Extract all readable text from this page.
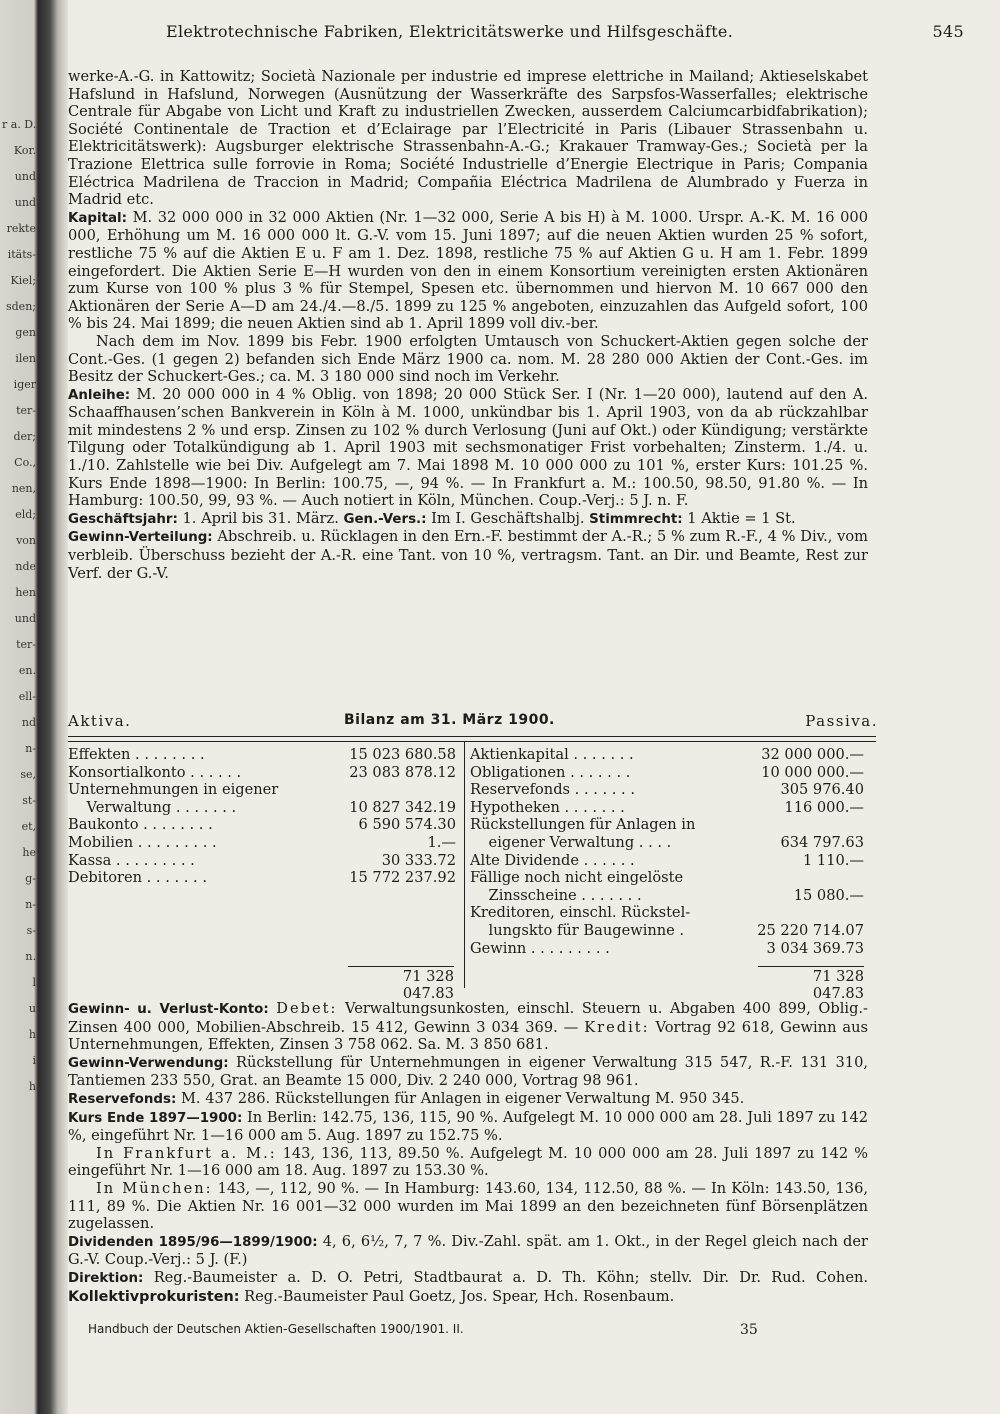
r a. D.
Kor.
und
und
rekte
itäts-
Kiel;
sden;
gen
ilen
iger
ter-
der;
Co.,
nen,
eld;
von
nde
hen
und
ter-
en.
ell-
nd
n-
se,
st-
et,
he
g-
n-
s-
n.
l
u
h
i
h
Elektrotechnische Fabriken, Elektricitätswerke und Hilfsgeschäfte.	545

werke-A.-G. in Kattowitz; Società Nazionale per industrie ed imprese elettriche in Mailand; Aktieselskabet Hafslund in Hafslund, Norwegen (Ausnützung der Wasserkräfte des Sarpsfos-Wasserfalles; elektrische Centrale für Abgabe von Licht und Kraft zu industriellen Zwecken, ausserdem Calciumcarbidfabrikation); Société Continentale de Traction et d’Eclairage par l’Electricité in Paris (Libauer Strassenbahn u. Elektricitätswerk): Augsburger elektrische Strassenbahn-A.-G.; Krakauer Tramway-Ges.; Società per la Trazione Elettrica sulle forrovie in Roma; Société Industrielle d’Energie Electrique in Paris; Compania Eléctrica Madrilena de Traccion in Madrid; Compañia Eléctrica Madrilena de Alumbrado y Fuerza in Madrid etc.

Kapital: M. 32 000 000 in 32 000 Aktien (Nr. 1—32 000, Serie A bis H) à M. 1000. Urspr. A.-K. M. 16 000 000, Erhöhung um M. 16 000 000 lt. G.-V. vom 15. Juni 1897; auf die neuen Aktien wurden 25 % sofort, restliche 75 % auf die Aktien E u. F am 1. Dez. 1898, restliche 75 % auf Aktien G u. H am 1. Febr. 1899 eingefordert. Die Aktien Serie E—H wurden von den in einem Konsortium vereinigten ersten Aktionären zum Kurse von 100 % plus 3 % für Stempel, Spesen etc. übernommen und hiervon M. 10 667 000 den Aktionären der Serie A—D am 24./4.—8./5. 1899 zu 125 % angeboten, einzuzahlen das Aufgeld sofort, 100 % bis 24. Mai 1899; die neuen Aktien sind ab 1. April 1899 voll div.-ber.

Nach dem im Nov. 1899 bis Febr. 1900 erfolgten Umtausch von Schuckert-Aktien gegen solche der Cont.-Ges. (1 gegen 2) befanden sich Ende März 1900 ca. nom. M. 28 280 000 Aktien der Cont.-Ges. im Besitz der Schuckert-Ges.; ca. M. 3 180 000 sind noch im Verkehr.

Anleihe: M. 20 000 000 in 4 % Oblig. von 1898; 20 000 Stück Ser. I (Nr. 1—20 000), lautend auf den A. Schaaffhausen’schen Bankverein in Köln à M. 1000, unkündbar bis 1. April 1903, von da ab rückzahlbar mit mindestens 2 % und ersp. Zinsen zu 102 % durch Verlosung (Juni auf Okt.) oder Kündigung; verstärkte Tilgung oder Totalkündigung ab 1. April 1903 mit sechsmonatiger Frist vorbehalten; Zinsterm. 1./4. u. 1./10. Zahlstelle wie bei Div. Aufgelegt am 7. Mai 1898 M. 10 000 000 zu 101 %, erster Kurs: 101.25 %. Kurs Ende 1898—1900: In Berlin: 100.75, —, 94 %. — In Frankfurt a. M.: 100.50, 98.50, 91.80 %. — In Hamburg: 100.50, 99, 93 %. — Auch notiert in Köln, München. Coup.-Verj.: 5 J. n. F.

Geschäftsjahr: 1. April bis 31. März. Gen.-Vers.: Im I. Geschäftshalbj. Stimmrecht: 1 Aktie = 1 St.

Gewinn-Verteilung: Abschreib. u. Rücklagen in den Ern.-F. bestimmt der A.-R.; 5 % zum R.-F., 4 % Div., vom verbleib. Überschuss bezieht der A.-R. eine Tant. von 10 %, vertragsm. Tant. an Dir. und Beamte, Rest zur Verf. der G.-V.

Aktiva.	Bilanz am 31. März 1900.	Passiva.
Effekten . . . . . . . .	15 023 680.58
Konsortialkonto . . . . . .	23 083 878.12
Unternehmungen in eigener
Verwaltung . . . . . . .	10 827 342.19
Baukonto . . . . . . . .	6 590 574.30
Mobilien . . . . . . . . .	1.—
Kassa . . . . . . . . .	30 333.72
Debitoren . . . . . . .	15 772 237.92
Aktienkapital . . . . . . .	32 000 000.—
Obligationen . . . . . . .	10 000 000.—
Reservefonds . . . . . . .	305 976.40
Hypotheken . . . . . . .	116 000.—
Rückstellungen für Anlagen in
eigener Verwaltung . . . .	634 797.63
Alte Dividende . . . . . .	1 110.—
Fällige noch nicht eingelöste
Zinsscheine . . . . . . .	15 080.—
Kreditoren, einschl. Rückstel-
lungskto für Baugewinne .	25 220 714.07
Gewinn . . . . . . . . .	3 034 369.73
71 328 047.83
71 328 047.83

Gewinn- u. Verlust-Konto: Debet: Verwaltungsunkosten, einschl. Steuern u. Abgaben 400 899, Oblig.-Zinsen 400 000, Mobilien-Abschreib. 15 412, Gewinn 3 034 369. — Kredit: Vortrag 92 618, Gewinn aus Unternehmungen, Effekten, Zinsen 3 758 062. Sa. M. 3 850 681.

Gewinn-Verwendung: Rückstellung für Unternehmungen in eigener Verwaltung 315 547, R.-F. 131 310, Tantiemen 233 550, Grat. an Beamte 15 000, Div. 2 240 000, Vortrag 98 961.

Reservefonds: M. 437 286. Rückstellungen für Anlagen in eigener Verwaltung M. 950 345.

Kurs Ende 1897—1900: In Berlin: 142.75, 136, 115, 90 %. Aufgelegt M. 10 000 000 am 28. Juli 1897 zu 142 %, eingeführt Nr. 1—16 000 am 5. Aug. 1897 zu 152.75 %.

In Frankfurt a. M.: 143, 136, 113, 89.50 %. Aufgelegt M. 10 000 000 am 28. Juli 1897 zu 142 % eingeführt Nr. 1—16 000 am 18. Aug. 1897 zu 153.30 %.

In München: 143, —, 112, 90 %. — In Hamburg: 143.60, 134, 112.50, 88 %. — In Köln: 143.50, 136, 111, 89 %. Die Aktien Nr. 16 001—32 000 wurden im Mai 1899 an den bezeichneten fünf Börsenplätzen zugelassen.

Dividenden 1895/96—1899/1900: 4, 6, 6½, 7, 7 %. Div.-Zahl. spät. am 1. Okt., in der Regel gleich nach der G.-V. Coup.-Verj.: 5 J. (F.)

Direktion: Reg.-Baumeister a. D. O. Petri, Stadtbaurat a. D. Th. Köhn; stellv. Dir. Dr. Rud. Cohen. Kollektivprokuristen: Reg.-Baumeister Paul Goetz, Jos. Spear, Hch. Rosenbaum.

Handbuch der Deutschen Aktien-Gesellschaften 1900/1901. II.	35
